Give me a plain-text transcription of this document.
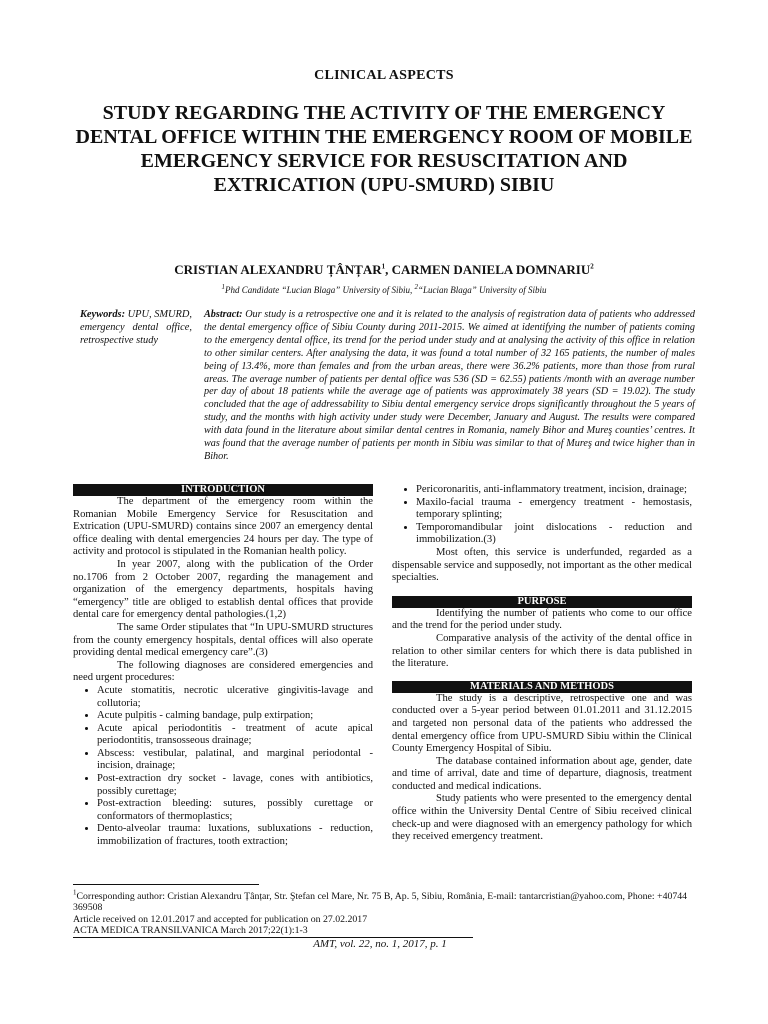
CLINICAL ASPECTS
STUDY REGARDING THE ACTIVITY OF THE EMERGENCY DENTAL OFFICE WITHIN THE EMERGENCY ROOM OF MOBILE EMERGENCY SERVICE FOR RESUSCITATION AND EXTRICATION (UPU-SMURD) SIBIU
CRISTIAN ALEXANDRU ȚÂNȚAR$^1$, CARMEN DANIELA DOMNARIU$^2$
$^1$Phd Candidate “Lucian Blaga” University of Sibiu, $^2$“Lucian Blaga” University of Sibiu
Keywords: UPU, SMURD, emergency dental office, retrospective study
Abstract: Our study is a retrospective one and it is related to the analysis of registration data of patients who addressed the dental emergency office of Sibiu County during 2011-2015. We aimed at identifying the number of patients coming to the emergency dental office, its trend for the period under study and at analysing the activity of this office in relation to other similar centers. After analysing the data, it was found a total number of 32 165 patients, the number of males being of 13.4%, more than females and from the urban areas, there were 36.2% patients, more than those from rural areas. The average number of patients per dental office was 536 (SD = 62.55) patients /month with an average number per day of about 18 patients while the average age of patients was approximately 38 years (SD = 19.02). The study concluded that the age of addressability to Sibiu dental emergency service drops significantly throughout the 5 years of study, and the months with high activity under study were December, January and August. The results were compared with data found in the literature about similar dental centres in Romania, namely Bihor and Mureş counties’ centres. It was found that the average number of patients per month in Sibiu was similar to that of Mureş and twice higher than in Bihor.
INTRODUCTION

The department of the emergency room within the Romanian Mobile Emergency Service for Resuscitation and Extrication (UPU-SMURD) contains since 2007 an emergency dental office dealing with dental emergencies 24 hours per day. The type of activity and protocol is stipulated in the Romanian health policy.

In year 2007, along with the publication of the Order no.1706 from 2 October 2007, regarding the management and organization of the emergency departments, hospitals having “emergency” title are obliged to establish dental offices that provide dental care for emergency dental pathologies.(1,2)

The same Order stipulates that “In UPU-SMURD structures from the county emergency hospitals, dental offices will also operate providing dental medical emergency care”.(3)

The following diagnoses are considered emergencies and need urgent procedures:

• Acute stomatitis, necrotic ulcerative gingivitis-lavage and collutoria;
• Acute pulpitis - calming bandage, pulp extirpation;
• Acute apical periodontitis - treatment of acute apical periodontitis, transosseous drainage;
• Abscess: vestibular, palatinal, and marginal periodontal - incision, drainage;
• Post-extraction dry socket - lavage, cones with antibiotics, possibly curettage;
• Post-extraction bleeding: sutures, possibly curettage or conformators of thermoplastics;
• Dento-alveolar trauma: luxations, subluxations - reduction, immobilization of fractures, tooth extraction;
• Pericoronaritis, anti-inflammatory treatment, incision, drainage;
• Maxilo-facial trauma - emergency treatment - hemostasis, temporary splinting;
• Temporomandibular joint dislocations - reduction and immobilization.(3)

Most often, this service is underfunded, regarded as a dispensable service and supposedly, not important as the other medical specialties.

PURPOSE

Identifying the number of patients who come to our office and the trend for the period under study.

Comparative analysis of the activity of the dental office in relation to other similar centers for which there is data published in the literature.

MATERIALS AND METHODS

The study is a descriptive, retrospective one and was conducted over a 5-year period between 01.01.2011 and 31.12.2015 and targeted non personal data of the patients who addressed the dental emergency office from UPU-SMURD Sibiu within the Clinical County Emergency Hospital of Sibiu.

The database contained information about age, gender, date and time of arrival, date and time of departure, diagnosis, treatment conducted and medical indications.

Study patients who were presented to the emergency dental office within the University Dental Centre of Sibiu received clinical check-up and were diagnosed with an emergency pathology for which they received emergency treatment.

$^1$Corresponding author: Cristian Alexandru Țânțar, Str. Ştefan cel Mare, Nr. 75 B, Ap. 5, Sibiu, România, E-mail: tantarcristian@yahoo.com, Phone: +40744 369508
Article received on 12.01.2017 and accepted for publication on 27.02.2017
ACTA MEDICA TRANSILVANICA March 2017;22(1):1-3
AMT, vol. 22, no. 1, 2017, p. 1
